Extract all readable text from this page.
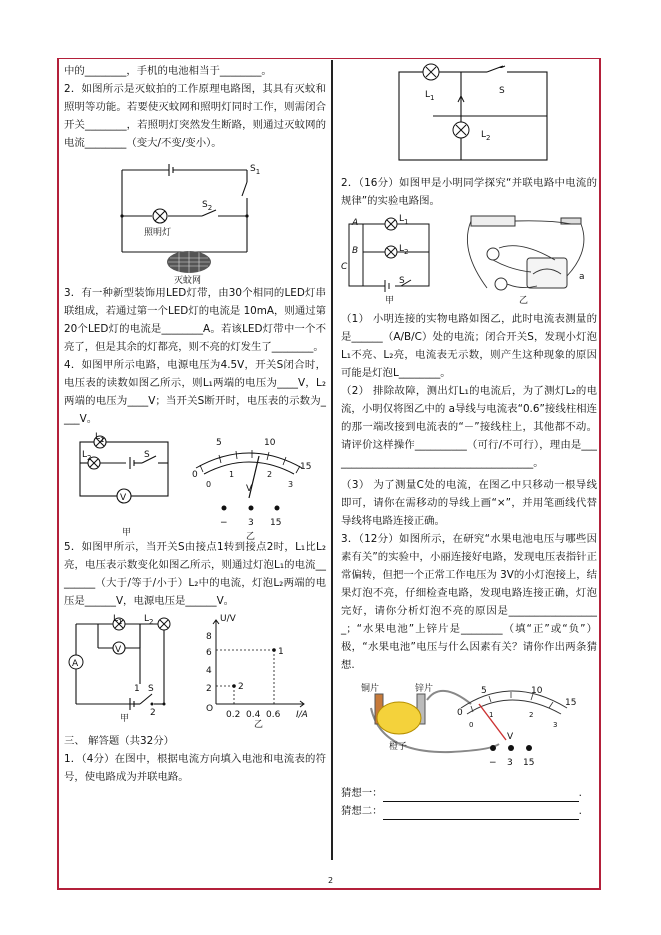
中的________，手机的电池相当于________。

2．如图所示是灭蚊拍的工作原理电路图，其具有灭蚊和照明等功能。若要使灭蚊网和照明灯同时工作，则需闭合开关________，若照明灯突然发生断路，则通过灭蚊网的电流________（变大/不变/变小）。

$S_1$
$S_2$
照明灯
灭蚊网

3．有一种新型装饰用LED灯带，由30个相同的LED灯串联组成，若通过第一个LED灯的电流是 10mA，则通过第20个LED灯的电流是________A。若该LED灯带中一个不亮了，但是其余的灯都亮，则不亮的灯发生了________。

4．如图甲所示电路，电源电压为4.5V，开关S闭合时，电压表的读数如图乙所示，则L₁两端的电压为____V，L₂两端的电压为____V；当开关S断开时，电压表的示数为____V。

$L_1$
$L_2$	S
V
甲
0
5	10
15
0
1	2
3
V
− 3 15
乙

5．如图甲所示，当开关S由接点1转到接点2时，L₁比L₂亮，电压表示数变化如图乙所示，则通过灯泡L₁的电流________（大于/等于/小于）L₂中的电流，灯泡L₂两端的电压是______V，电源电压是______V。

$L_1$ $L_2$
A
V
S
1
2
甲
U/V
8
6
4
2
O
0.2 0.4 0.6 I/A
1
2
乙

三、 解答题（共32分）

1．（4分）在图中，根据电流方向填入电池和电流表的符号，使电路成为并联电路。

$L_1$
$L_2$
S

2．（16分）如图甲是小明同学探究“并联电路中电流的规律”的实验电路图。

A
B
C
$L_1$
$L_2$
S
甲
a
乙

（1） 小明连接的实物电路如图乙，此时电流表测量的是______（A/B/C）处的电流；闭合开关S，发现小灯泡L₁不亮、L₂亮，电流表无示数，则产生这种现象的原因可能是灯泡L________。

（2） 排除故障，测出灯L₁的电流后，为了测灯L₂的电流，小明仅将图乙中的 a导线与电流表“0.6”接线柱相连的那一端改接到电流表的“－”接线柱上，其他都不动。请评价这样操作__________（可行/不可行），理由是________________________________________。

（3） 为了测量C处的电流，在图乙中只移动一根导线即可，请你在需移动的导线上画“×”，并用笔画线代替导线将电路连接正确。

3．（12分）如图所示，在研究“水果电池电压与哪些因素有关”的实验中，小丽连接好电路，发现电压表指针正常偏转，但把一个正常工作电压为 3V的小灯泡接上，结果灯泡不亮，仔细检查电路，发现电路连接正确，灯泡完好，请你分析灯泡不亮的原因是__________________；“水果电池”上锌片是________（填“正”或“负”）极，“水果电池”电压与什么因素有关？请你作出两条猜想.

铜片	锌片
橙子
0
5	10
15
0
1	2
3
V
− 3 15

猜想一：	.

猜想二：	.

2
